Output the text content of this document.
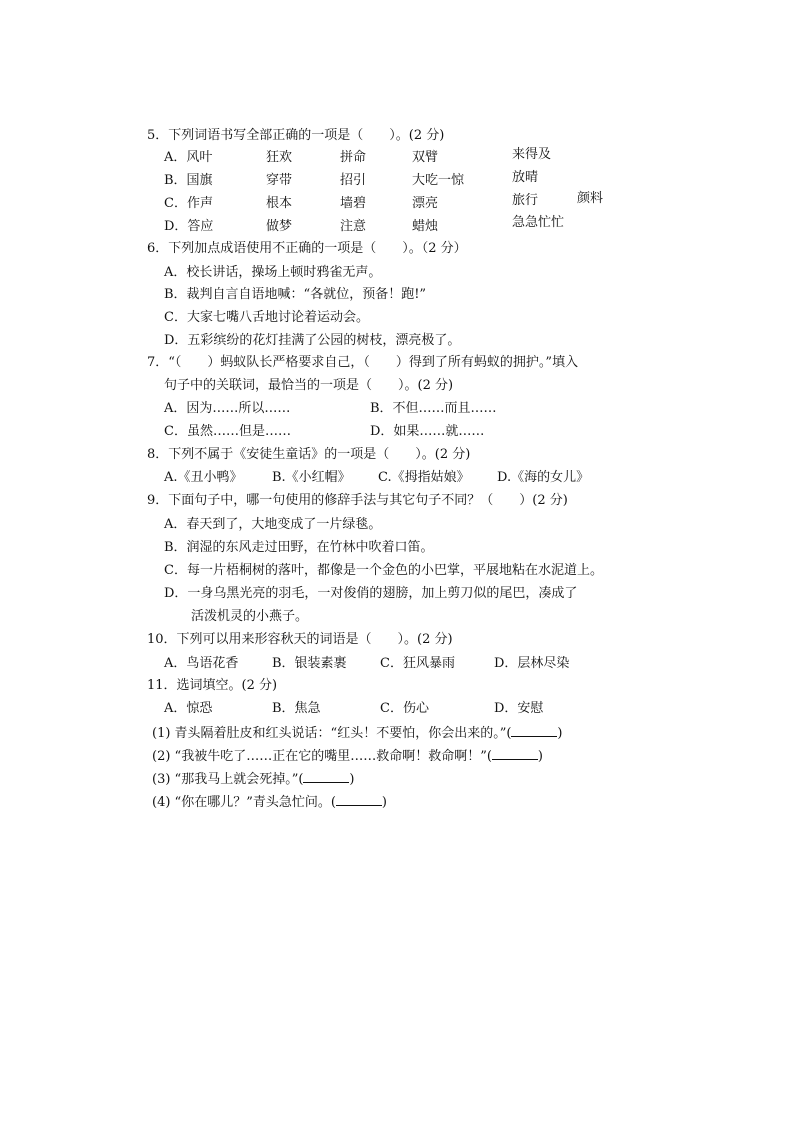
5．下列词语书写全部正确的一项是（　　）。(2 分)
A．风叶	狂欢	拼命	双臂	来得及
B．国旗	穿带	招引	大吃一惊	放晴
C．作声	根本	墙碧	漂亮	旅行	颜料
D．答应	做梦	注意	蜡烛	急急忙忙
6．下列加点成语使用不正确的一项是（　　）。（2 分）
A．校长讲话，操场上顿时鸦雀无声。
B．裁判自言自语地喊：“各就位，预备！跑!”
C．大家七嘴八舌地讨论着运动会。
D．五彩缤纷的花灯挂满了公园的树枝，漂亮极了。
7．“（　　）蚂蚁队长严格要求自己，（　　）得到了所有蚂蚁的拥护。”填入
句子中的关联词，最恰当的一项是（　　）。(2 分)
A．因为……所以……	B．不但……而且……
C．虽然……但是……	D．如果……就……
8．下列不属于《安徒生童话》的一项是（　　）。(2 分)
A.《丑小鸭》 B.《小红帽》 C.《拇指姑娘》 D.《海的女儿》
9．下面句子中，哪一句使用的修辞手法与其它句子不同？（　　）(2 分)
A．春天到了，大地变成了一片绿毯。
B．润湿的东风走过田野，在竹林中吹着口笛。
C．每一片梧桐树的落叶，都像是一个金色的小巴掌，平展地粘在水泥道上。
D．一身乌黑光亮的羽毛，一对俊俏的翅膀，加上剪刀似的尾巴，凑成了
活泼机灵的小燕子。
10．下列可以用来形容秋天的词语是（　　）。(2 分)
A．鸟语花香	B．银装素裹	C．狂风暴雨	D．层林尽染
11．选词填空。(2 分)
A．惊恐	B．焦急	C．伤心	D．安慰
(1) 青头隔着肚皮和红头说话：“红头！不要怕，你会出来的。”(	)
(2) “我被牛吃了……正在它的嘴里……救命啊！救命啊！”(	)
(3) “那我马上就会死掉。”(	)
(4) “你在哪儿？”青头急忙问。(	)
